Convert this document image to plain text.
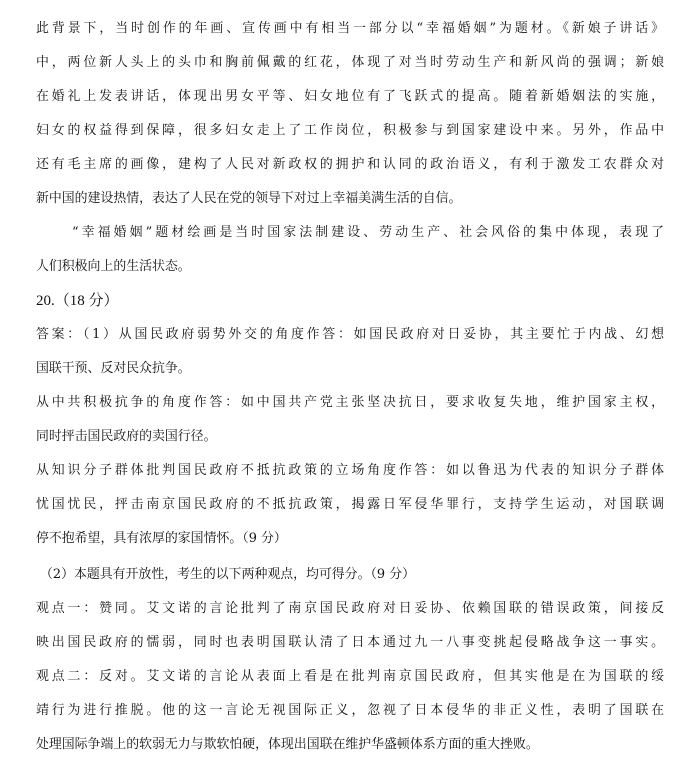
此背景下，当时创作的年画、宣传画中有相当一部分以“幸福婚姻”为题材。《新娘子讲话》
中，两位新人头上的头巾和胸前佩戴的红花，体现了对当时劳动生产和新风尚的强调；新娘
在婚礼上发表讲话，体现出男女平等、妇女地位有了飞跃式的提高。随着新婚姻法的实施，
妇女的权益得到保障，很多妇女走上了工作岗位，积极参与到国家建设中来。另外，作品中
还有毛主席的画像，建构了人民对新政权的拥护和认同的政治语义，有利于激发工农群众对
新中国的建设热情，表达了人民在党的领导下对过上幸福美满生活的自信。
“幸福婚姻”题材绘画是当时国家法制建设、劳动生产、社会风俗的集中体现，表现了
人们积极向上的生活状态。
20.（18 分）
答案：（1）从国民政府弱势外交的角度作答：如国民政府对日妥协，其主要忙于内战、幻想
国联干预、反对民众抗争。
从中共积极抗争的角度作答：如中国共产党主张坚决抗日，要求收复失地，维护国家主权，
同时抨击国民政府的卖国行径。
从知识分子群体批判国民政府不抵抗政策的立场角度作答：如以鲁迅为代表的知识分子群体
忧国忧民，抨击南京国民政府的不抵抗政策，揭露日军侵华罪行，支持学生运动，对国联调
停不抱希望，具有浓厚的家国情怀。（9 分）
（2）本题具有开放性，考生的以下两种观点，均可得分。（9 分）
观点一：赞同。艾文诺的言论批判了南京国民政府对日妥协、依赖国联的错误政策，间接反
映出国民政府的懦弱，同时也表明国联认清了日本通过九一八事变挑起侵略战争这一事实。
观点二：反对。艾文诺的言论从表面上看是在批判南京国民政府，但其实他是在为国联的绥
靖行为进行推脱。他的这一言论无视国际正义，忽视了日本侵华的非正义性，表明了国联在
处理国际争端上的软弱无力与欺软怕硬，体现出国联在维护华盛顿体系方面的重大挫败。
